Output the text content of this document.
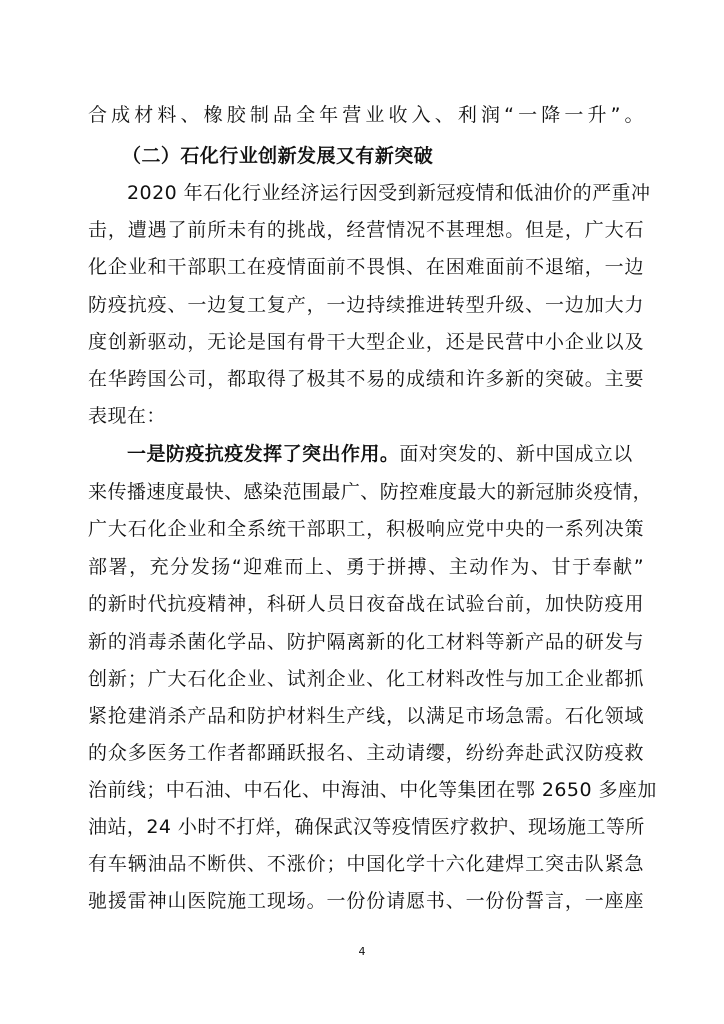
合成材料、橡胶制品全年营业收入、利润“一降一升”。
（二）石化行业创新发展又有新突破
2020 年石化行业经济运行因受到新冠疫情和低油价的严重冲
击，遭遇了前所未有的挑战，经营情况不甚理想。但是，广大石
化企业和干部职工在疫情面前不畏惧、在困难面前不退缩，一边
防疫抗疫、一边复工复产，一边持续推进转型升级、一边加大力
度创新驱动，无论是国有骨干大型企业，还是民营中小企业以及
在华跨国公司，都取得了极其不易的成绩和许多新的突破。主要
表现在：
一是防疫抗疫发挥了突出作用。面对突发的、新中国成立以
来传播速度最快、感染范围最广、防控难度最大的新冠肺炎疫情，
广大石化企业和全系统干部职工，积极响应党中央的一系列决策
部署，充分发扬“迎难而上、勇于拼搏、主动作为、甘于奉献”
的新时代抗疫精神，科研人员日夜奋战在试验台前，加快防疫用
新的消毒杀菌化学品、防护隔离新的化工材料等新产品的研发与
创新；广大石化企业、试剂企业、化工材料改性与加工企业都抓
紧抢建消杀产品和防护材料生产线，以满足市场急需。石化领域
的众多医务工作者都踊跃报名、主动请缨，纷纷奔赴武汉防疫救
治前线；中石油、中石化、中海油、中化等集团在鄂 2650 多座加
油站，24 小时不打烊，确保武汉等疫情医疗救护、现场施工等所
有车辆油品不断供、不涨价；中国化学十六化建焊工突击队紧急
驰援雷神山医院施工现场。一份份请愿书、一份份誓言，一座座
4
